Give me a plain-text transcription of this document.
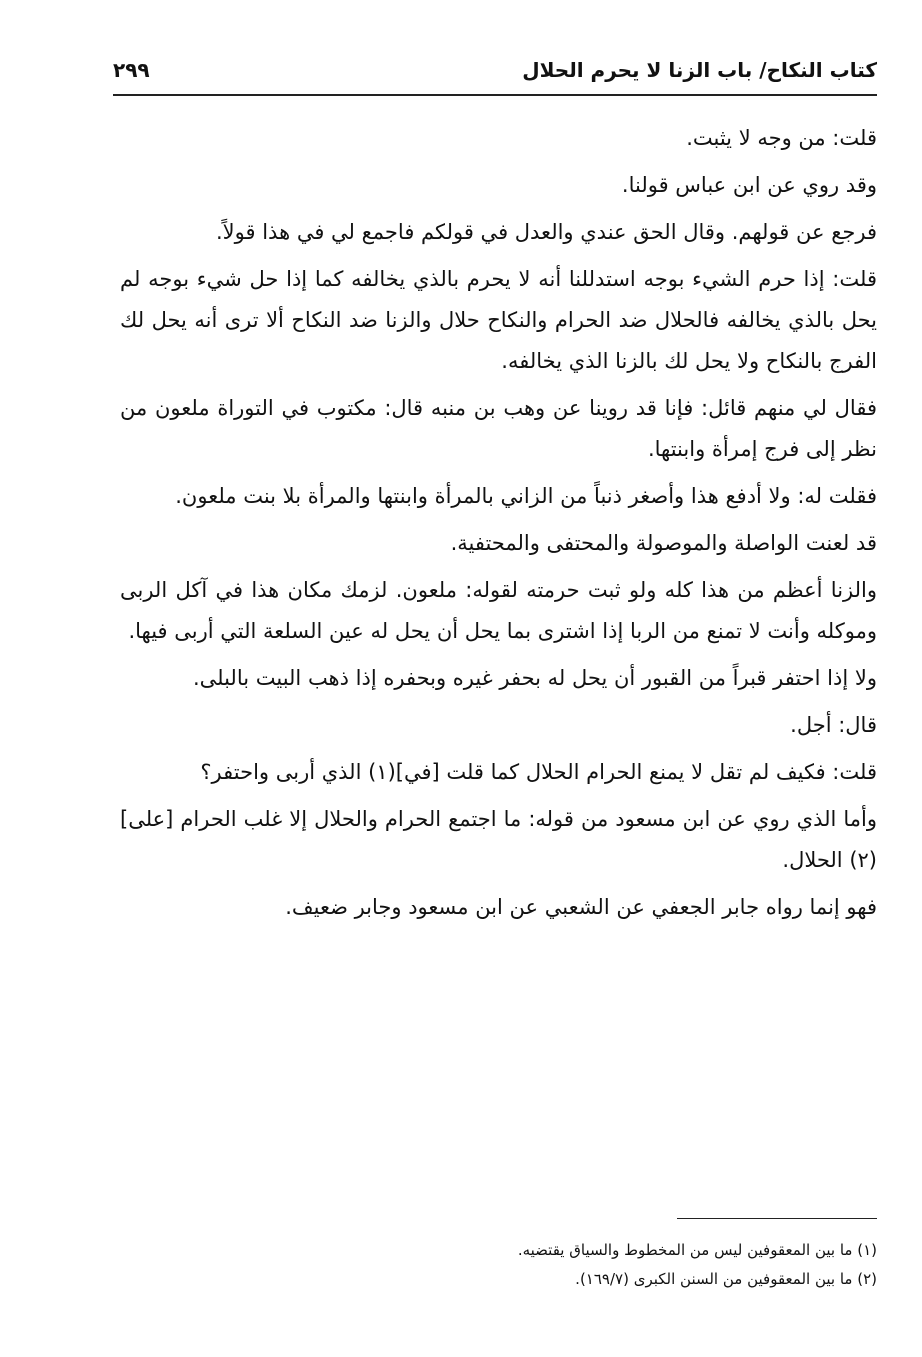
كتاب النكاح/ باب الزنا لا يحرم الحلال
٢٩٩

قلت: من وجه لا يثبت.

وقد روي عن ابن عباس قولنا.

فرجع عن قولهم. وقال الحق عندي والعدل في قولكم فاجمع لي في هذا قولاً.

قلت: إذا حرم الشيء بوجه استدللنا أنه لا يحرم بالذي يخالفه كما إذا حل شيء بوجه لم يحل بالذي يخالفه فالحلال ضد الحرام والنكاح حلال والزنا ضد النكاح ألا ترى أنه يحل لك الفرج بالنكاح ولا يحل لك بالزنا الذي يخالفه.

فقال لي منهم قائل: فإنا قد روينا عن وهب بن منبه قال: مكتوب في التوراة ملعون من نظر إلى فرج إمرأة وابنتها.

فقلت له: ولا أدفع هذا وأصغر ذنباً من الزاني بالمرأة وابنتها والمرأة بلا بنت ملعون.

قد لعنت الواصلة والموصولة والمحتفى والمحتفية.

والزنا أعظم من هذا كله ولو ثبت حرمته لقوله: ملعون. لزمك مكان هذا في آكل الربى وموكله وأنت لا تمنع من الربا إذا اشترى بما يحل أن يحل له عين السلعة التي أربى فيها.

ولا إذا احتفر قبراً من القبور أن يحل له بحفر غيره وبحفره إذا ذهب البيت بالبلى.

قال: أجل.

قلت: فكيف لم تقل لا يمنع الحرام الحلال كما قلت [في](١) الذي أربى واحتفر؟

وأما الذي روي عن ابن مسعود من قوله: ما اجتمع الحرام والحلال إلا غلب الحرام [على](٢) الحلال.

فهو إنما رواه جابر الجعفي عن الشعبي عن ابن مسعود وجابر ضعيف.

(١) ما بين المعقوفين ليس من المخطوط والسياق يقتضيه.
(٢) ما بين المعقوفين من السنن الكبرى (١٦٩/٧).
